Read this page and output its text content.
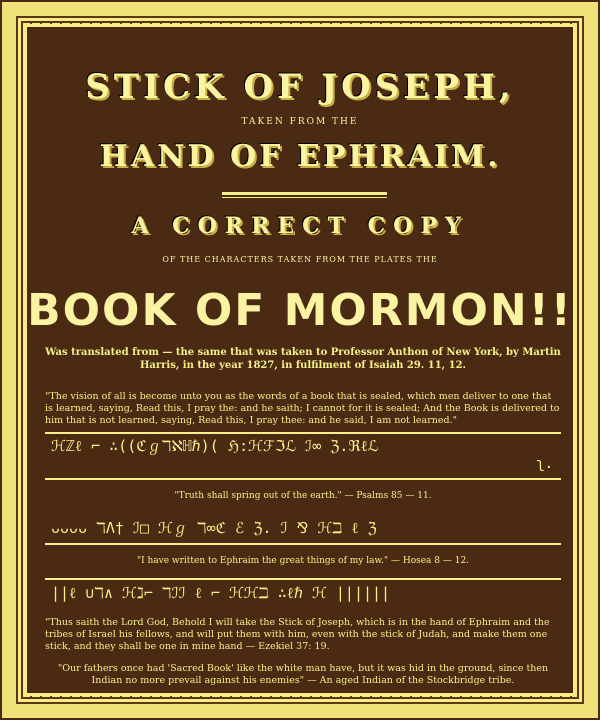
STICK OF JOSEPH,
TAKEN FROM THE
HAND OF EPHRAIM.
A CORRECT COPY
OF THE CHARACTERS TAKEN FROM THE PLATES THE
BOOK OF MORMON!!
Was translated from — the same that was taken to Professor Anthon of New York, by Martin Harris, in the year 1827, in fulfilment of Isaiah 29. 11, 12.
"The vision of all is become unto you as the words of a book that is sealed, which men deliver to one that is learned, saying, Read this, I pray the: and he saith; I cannot for it is sealed; And the Book is delivered to him that is not learned, saying, Read this, I pray thee: and he said, I am not learned."
ℋℤℓ ⌐ ∴((ℭℊℸℵℍℏ)( ℌ:ℋℱℑℒ ℐ∞ ℨ.ℜℓℒ ʅ.
"Truth shall spring out of the earth." — Psalms 85 — 11.
ᴗᴗᴗᴗ ℸΛ† ℐ□ ℋℊ ℸ∞ℭ ℰ ℨ. ℐ ⅋ ℋℶ ℓ ℨ
"I have written to Ephraim the great things of my law." — Hosea 8 — 12.
||ℓ ∪ℸ∧ ℋℷ⌐ ℸℐℐ ℓ ⌐ ℋℋℶ ∴ℓℏ ℋ ||||||
"Thus saith the Lord God, Behold I will take the Stick of Joseph, which is in the hand of Ephraim and the tribes of Israel his fellows, and will put them with him, even with the stick of Judah, and make them one stick, and they shall be one in mine hand — Ezekiel 37: 19.
"Our fathers once had 'Sacred Book' like the white man have, but it was hid in the ground, since then Indian no more prevail against his enemies" — An aged Indian of the Stockbridge tribe.
